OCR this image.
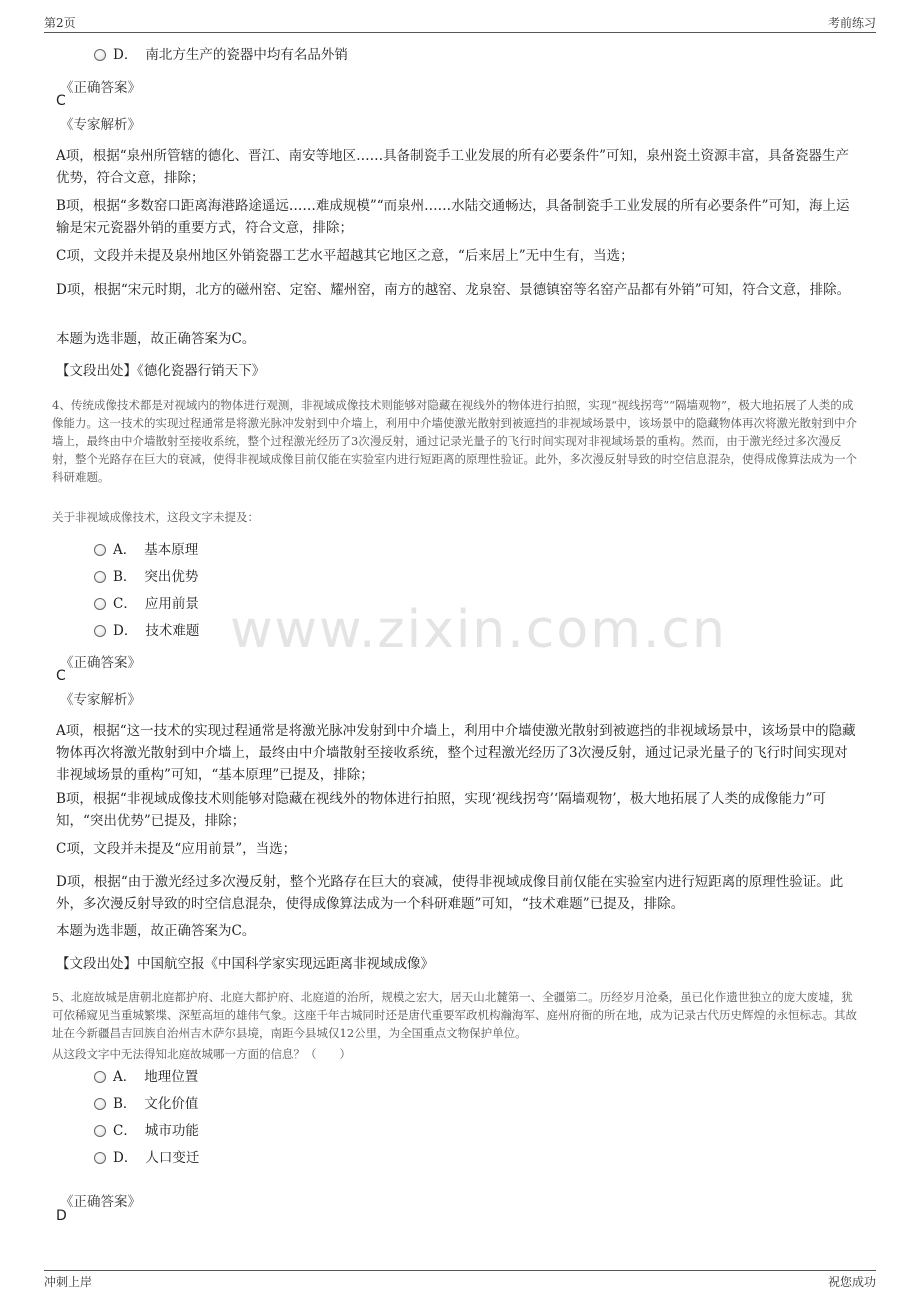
第2页	考前练习
www.zixin.com.cn
D． 南北方生产的瓷器中均有名品外销
《正确答案》
C
《专家解析》

A项，根据“泉州所管辖的德化、晋江、南安等地区……具备制瓷手工业发展的所有必要条件”可知，泉州瓷土资源丰富，具备瓷器生产优势，符合文意，排除；

B项，根据“多数窑口距离海港路途遥远……难成规模”“而泉州……水陆交通畅达，具备制瓷手工业发展的所有必要条件”可知，海上运输是宋元瓷器外销的重要方式，符合文意，排除；

C项，文段并未提及泉州地区外销瓷器工艺水平超越其它地区之意，“后来居上”无中生有，当选；

D项，根据“宋元时期，北方的磁州窑、定窑、耀州窑，南方的越窑、龙泉窑、景德镇窑等名窑产品都有外销”可知，符合文意，排除。

本题为选非题，故正确答案为C。

【文段出处】《德化瓷器行销天下》

4、传统成像技术都是对视域内的物体进行观测，非视域成像技术则能够对隐藏在视线外的物体进行拍照，实现“视线拐弯”“隔墙观物”，极大地拓展了人类的成像能力。这一技术的实现过程通常是将激光脉冲发射到中介墙上，利用中介墙使激光散射到被遮挡的非视域场景中，该场景中的隐藏物体再次将激光散射到中介墙上，最终由中介墙散射至接收系统，整个过程激光经历了3次漫反射，通过记录光量子的飞行时间实现对非视域场景的重构。然而，由于激光经过多次漫反射，整个光路存在巨大的衰减，使得非视域成像目前仅能在实验室内进行短距离的原理性验证。此外，多次漫反射导致的时空信息混杂，使得成像算法成为一个科研难题。

关于非视域成像技术，这段文字未提及：

A． 基本原理
B． 突出优势
C． 应用前景
D． 技术难题
《正确答案》
C
《专家解析》

A项，根据“这一技术的实现过程通常是将激光脉冲发射到中介墙上，利用中介墙使激光散射到被遮挡的非视域场景中，该场景中的隐藏物体再次将激光散射到中介墙上，最终由中介墙散射至接收系统，整个过程激光经历了3次漫反射，通过记录光量子的飞行时间实现对非视域场景的重构”可知，“基本原理”已提及，排除；

B项，根据“非视域成像技术则能够对隐藏在视线外的物体进行拍照，实现‘视线拐弯’‘隔墙观物’，极大地拓展了人类的成像能力”可知，“突出优势”已提及，排除；

C项，文段并未提及“应用前景”，当选；

D项，根据“由于激光经过多次漫反射，整个光路存在巨大的衰减，使得非视域成像目前仅能在实验室内进行短距离的原理性验证。此外，多次漫反射导致的时空信息混杂，使得成像算法成为一个科研难题”可知，“技术难题”已提及，排除。

本题为选非题，故正确答案为C。

【文段出处】中国航空报《中国科学家实现远距离非视域成像》

5、北庭故城是唐朝北庭都护府、北庭大都护府、北庭道的治所，规模之宏大，居天山北麓第一、全疆第二。历经岁月沧桑，虽已化作遗世独立的庞大废墟，犹可依稀窥见当重城繁堞、深堑高垣的雄伟气象。这座千年古城同时还是唐代重要军政机构瀚海军、庭州府衙的所在地，成为记录古代历史辉煌的永恒标志。其故址在今新疆昌吉回族自治州吉木萨尔县境，南距今县城仅12公里，为全国重点文物保护单位。

从这段文字中无法得知北庭故城哪一方面的信息？（　　）

A． 地理位置
B． 文化价值
C． 城市功能
D． 人口变迁
《正确答案》
D
冲刺上岸	祝您成功
